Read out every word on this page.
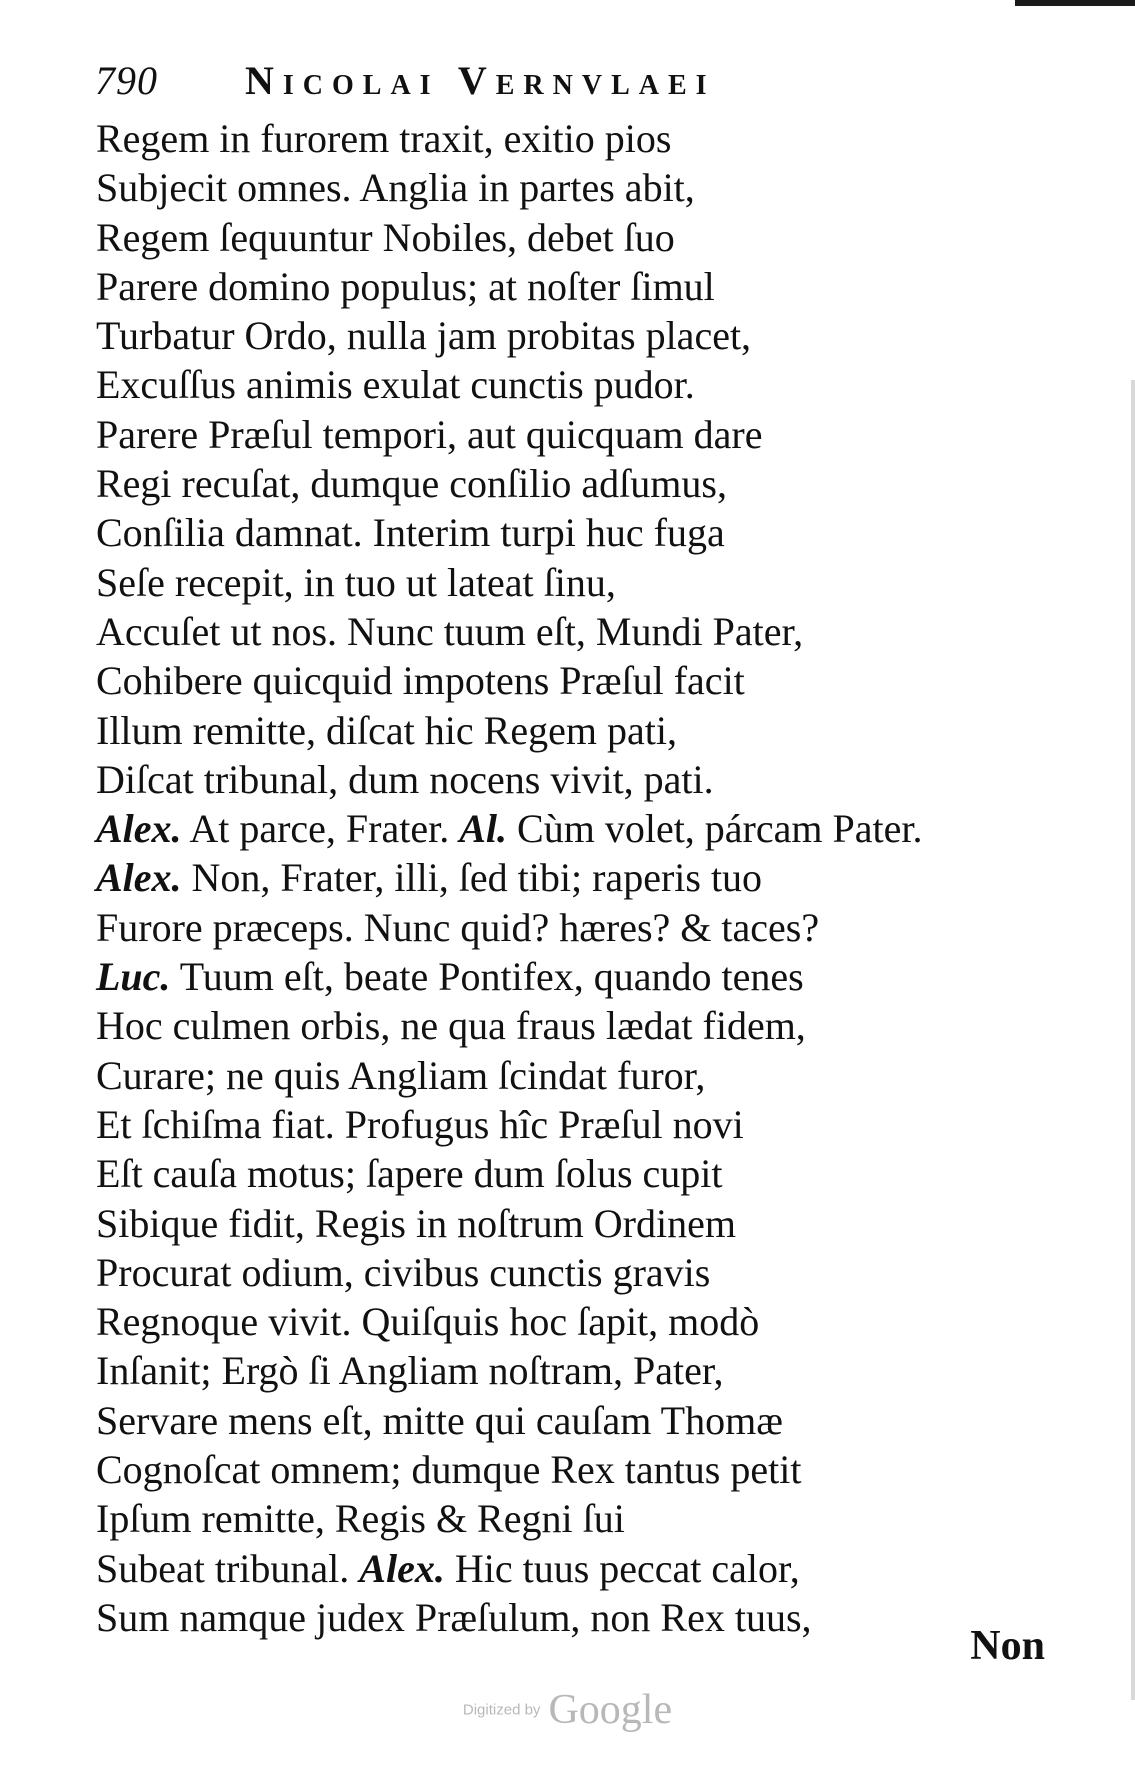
790 Nicolai Vernvlaei
Regem in furorem traxit, exitio pios
Subjecit omnes. Anglia in partes abit,
Regem ſequuntur Nobiles, debet ſuo
Parere domino populus; at noſter ſimul
Turbatur Ordo, nulla jam probitas placet,
Excuſſus animis exulat cunctis pudor.
Parere Præſul tempori, aut quicquam dare
Regi recuſat, dumque conſilio adſumus,
Conſilia damnat. Interim turpi huc fuga
Seſe recepit, in tuo ut lateat ſinu,
Accuſet ut nos. Nunc tuum eſt, Mundi Pater,
Cohibere quicquid impotens Præſul facit
Illum remitte, diſcat hic Regem pati,
Diſcat tribunal, dum nocens vivit, pati.
Alex. At parce, Frater. Al. Cùm volet, párcam Pater.
Alex. Non, Frater, illi, ſed tibi; raperis tuo
Furore præceps. Nunc quid? hæres? & taces?
Luc. Tuum eſt, beate Pontifex, quando tenes
Hoc culmen orbis, ne qua fraus lædat fidem,
Curare; ne quis Angliam ſcindat furor,
Et ſchiſma fiat. Profugus hîc Præſul novi
Eſt cauſa motus; ſapere dum ſolus cupit
Sibique fidit, Regis in noſtrum Ordinem
Procurat odium, civibus cunctis gravis
Regnoque vivit. Quiſquis hoc ſapit, modò
Inſanit; Ergò ſi Angliam noſtram, Pater,
Servare mens eſt, mitte qui cauſam Thomæ
Cognoſcat omnem; dumque Rex tantus petit
Ipſum remitte, Regis & Regni ſui
Subeat tribunal. Alex. Hic tuus peccat calor,
Sum namque judex Præſulum, non Rex tuus,
Non
Digitized by Google
